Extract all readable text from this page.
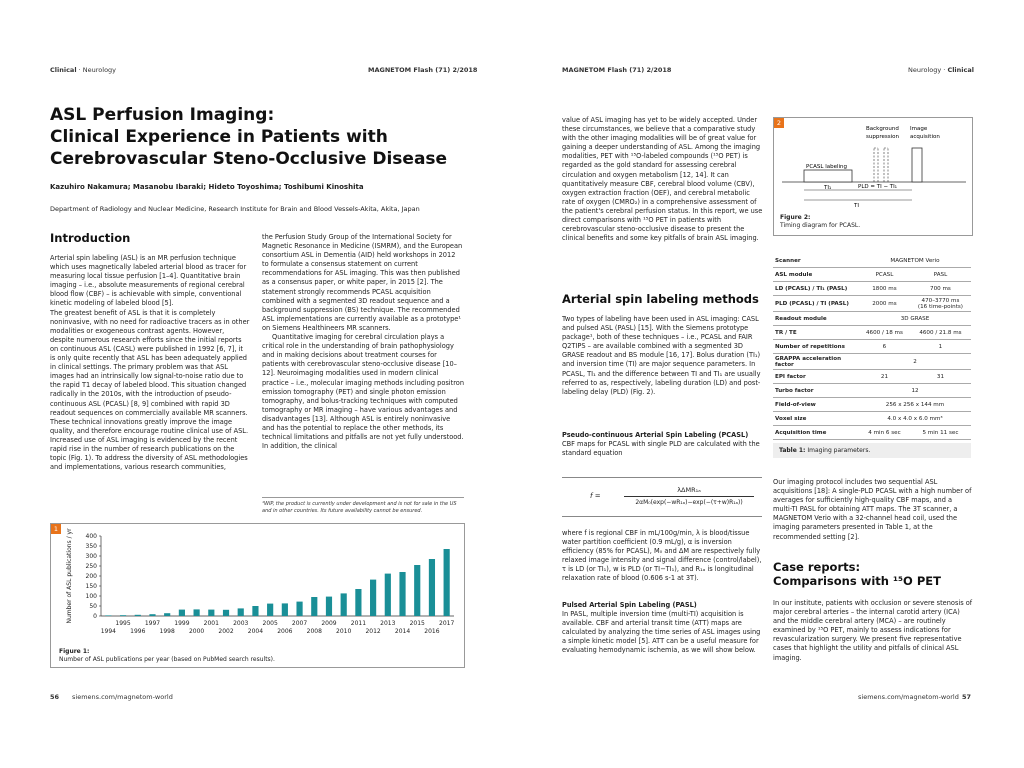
Clinical · Neurology	MAGNETOM Flash (71) 2/2018	MAGNETOM Flash (71) 2/2018	Neurology · Clinical
ASL Perfusion Imaging:
Clinical Experience in Patients with
Cerebrovascular Steno-Occlusive Disease
Kazuhiro Nakamura; Masanobu Ibaraki; Hideto Toyoshima; Toshibumi Kinoshita
Department of Radiology and Nuclear Medicine, Research Institute for Brain and Blood Vessels-Akita, Akita, Japan
Introduction

Arterial spin labeling (ASL) is an MR perfusion technique which uses magnetically labeled arterial blood as tracer for measuring local tissue perfusion [1–4]. Quantitative brain imaging – i.e., absolute measurements of regional cerebral blood flow (CBF) – is achievable with simple, conventional kinetic modeling of labeled blood [5].

The greatest benefit of ASL is that it is completely noninvasive, with no need for radioactive tracers as in other modalities or exogeneous contrast agents. However, despite numerous research efforts since the initial reports on continuous ASL (CASL) were published in 1992 [6, 7], it is only quite recently that ASL has been adequately applied in clinical settings. The primary problem was that ASL images had an intrinsically low signal-to-noise ratio due to the rapid T1 decay of labeled blood. This situation changed radically in the 2010s, with the introduction of pseudo-continuous ASL (PCASL) [8, 9] combined with rapid 3D readout sequences on commercially available MR scanners. These technical innovations greatly improve the image quality, and therefore encourage routine clinical use of ASL. Increased use of ASL imaging is evidenced by the recent rapid rise in the number of research publications on the topic (Fig. 1). To address the diversity of ASL methodologies and implementations, various research communities,

the Perfusion Study Group of the International Society for Magnetic Resonance in Medicine (ISMRM), and the European consortium ASL in Dementia (AID) held workshops in 2012 to formulate a consensus statement on current recommendations for ASL imaging. This was then published as a consensus paper, or white paper, in 2015 [2]. The statement strongly recommends PCASL acquisition combined with a segmented 3D readout sequence and a background suppression (BS) technique. The recommended ASL implementations are currently available as a prototype¹ on Siemens Healthineers MR scanners.

Quantitative imaging for cerebral circulation plays a critical role in the understanding of brain pathophysiology and in making decisions about treatment courses for patients with cerebrovascular steno-occlusive disease [10–12]. Neuroimaging modalities used in modern clinical practice – i.e., molecular imaging methods including positron emission tomography (PET) and single photon emission tomography, and bolus-tracking techniques with computed tomography or MR imaging – have various advantages and disadvantages [13]. Although ASL is entirely noninvasive and has the potential to replace the other methods, its technical limitations and pitfalls are not yet fully understood. In addition, the clinical

¹WIP, the product is currently under development and is not for sale in the US and in other countries. Its future availability cannot be ensured.
1
0
50
100
150
200
250
300
350
400
Number of ASL publications / yr
1994
1995
1996
1997
1998
1999
2000
2001
2002
2003
2004
2005
2006
2007
2008
2009
2010
2011
2012
2013
2014
2015
2016
2017
Figure 1:
Number of ASL publications per year (based on PubMed search results).
56 siemens.com/magnetom-world

value of ASL imaging has yet to be widely accepted. Under these circumstances, we believe that a comparative study with the other imaging modalities will be of great value for gaining a deeper understanding of ASL. Among the imaging modalities, PET with ¹⁵O-labeled compounds (¹⁵O PET) is regarded as the gold standard for assessing cerebral circulation and oxygen metabolism [12, 14]. It can quantitatively measure CBF, cerebral blood volume (CBV), oxygen extraction fraction (OEF), and cerebral metabolic rate of oxygen (CMRO₂) in a comprehensive assessment of the patient's cerebral perfusion status. In this report, we use direct comparisons with ¹⁵O PET in patients with cerebrovascular steno-occlusive disease to present the clinical benefits and some key pitfalls of brain ASL imaging.

Arterial spin labeling methods

Two types of labeling have been used in ASL imaging: CASL and pulsed ASL (PASL) [15]. With the Siemens prototype package¹, both of these techniques – i.e., PCASL and FAIR Q2TIPS – are available combined with a segmented 3D GRASE readout and BS module [16, 17]. Bolus duration (TI₁) and inversion time (TI) are major sequence parameters. In PCASL, TI₁ and the difference between TI and TI₁ are usually referred to as, respectively, labeling duration (LD) and post-labeling delay (PLD) (Fig. 2).

Pseudo-continuous Arterial Spin Labeling (PCASL)

CBF maps for PCASL with single PLD are calculated with the standard equation

f =
λΔMR₁ₐ
2αM₀(exp(−wR₁ₐ)−exp(−(τ+w)R₁ₐ))

where f is regional CBF in mL/100g/min, λ is blood/tissue water partition coefficient (0.9 mL/g), α is inversion efficiency (85% for PCASL), M₀ and ΔM are respectively fully relaxed image intensity and signal difference (control/label), τ is LD (or TI₁), w is PLD (or TI−TI₁), and R₁ₐ is longitudinal relaxation rate of blood (0.606 s-1 at 3T).

Pulsed Arterial Spin Labeling (PASL)

In PASL, multiple inversion time (multi-TI) acquisition is available. CBF and arterial transit time (ATT) maps are calculated by analyzing the time series of ASL images using a simple kinetic model [5]. ATT can be a useful measure for evaluating hemodynamic ischemia, as we will show below.

2
PCASL labeling
Background
suppression
Image
acquisition
TI₁	PLD = TI − TI₁
TI
Figure 2:
Timing diagram for PCASL.
Scanner	MAGNETOM Verio	
ASL module	PCASL	PASL
LD (PCASL) / TI₁ (PASL)	1800 ms	700 ms
PLD (PCASL) / TI (PASL)	2000 ms	470–3770 ms
(16 time-points)

Readout module	3D GRASE	
TR / TE	4600 / 18 ms	4600 / 21.8 ms
Number of repetitions	6	1
GRAPPA acceleration factor	2	
EPI factor	21	31
Turbo factor	12	
Field-of-view	256 x 256 x 144 mm	
Voxel size	4.0 x 4.0 x 6.0 mm³	
Acquisition time	4 min 6 sec	5 min 11 sec
Table 1: Imaging parameters.

Our imaging protocol includes two sequential ASL acquisitions [18]: A single-PLD PCASL with a high number of averages for sufficiently high-quality CBF maps, and a multi-TI PASL for obtaining ATT maps. The 3T scanner, a MAGNETOM Verio with a 32-channel head coil, used the imaging parameters presented in Table 1, at the recommended setting [2].

Case reports:
Comparisons with ¹⁵O PET

In our institute, patients with occlusion or severe stenosis of major cerebral arteries – the internal carotid artery (ICA) and the middle cerebral artery (MCA) – are routinely examined by ¹⁵O PET, mainly to assess indications for revascularization surgery. We present five representative cases that highlight the utility and pitfalls of clinical ASL imaging.

siemens.com/magnetom-world 57
